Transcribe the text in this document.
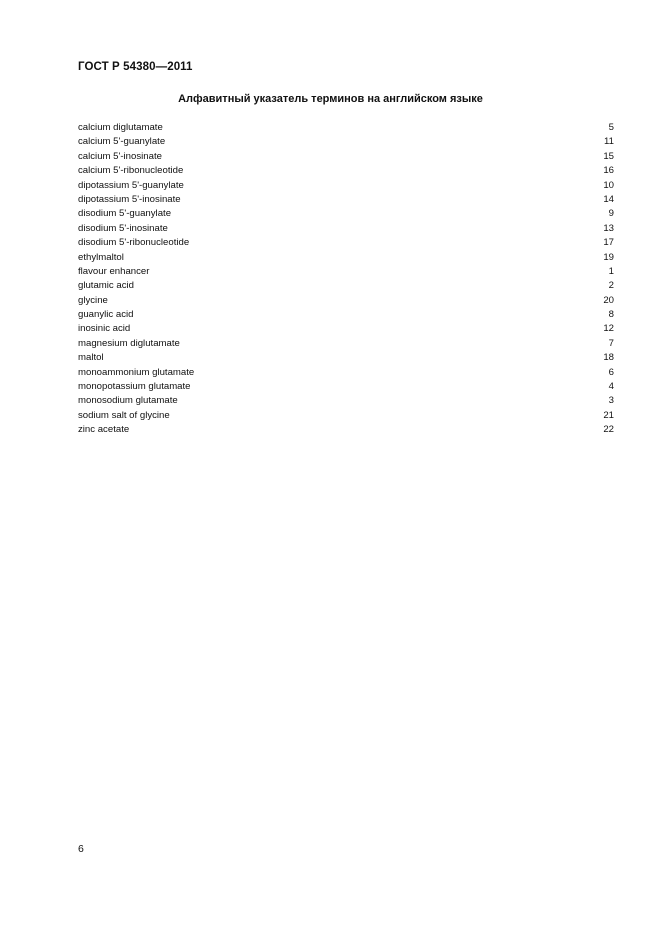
ГОСТ Р 54380—2011
Алфавитный указатель терминов на английском языке
calcium diglutamate	5
calcium 5'-guanylate	11
calcium 5'-inosinate	15
calcium 5'-ribonucleotide	16
dipotassium 5'-guanylate	10
dipotassium 5'-inosinate	14
disodium 5'-guanylate	9
disodium 5'-inosinate	13
disodium 5'-ribonucleotide	17
ethylmaltol	19
flavour enhancer	1
glutamic acid	2
glycine	20
guanylic acid	8
inosinic acid	12
magnesium diglutamate	7
maltol	18
monoammonium glutamate	6
monopotassium glutamate	4
monosodium glutamate	3
sodium salt of glycine	21
zinc acetate	22
6
